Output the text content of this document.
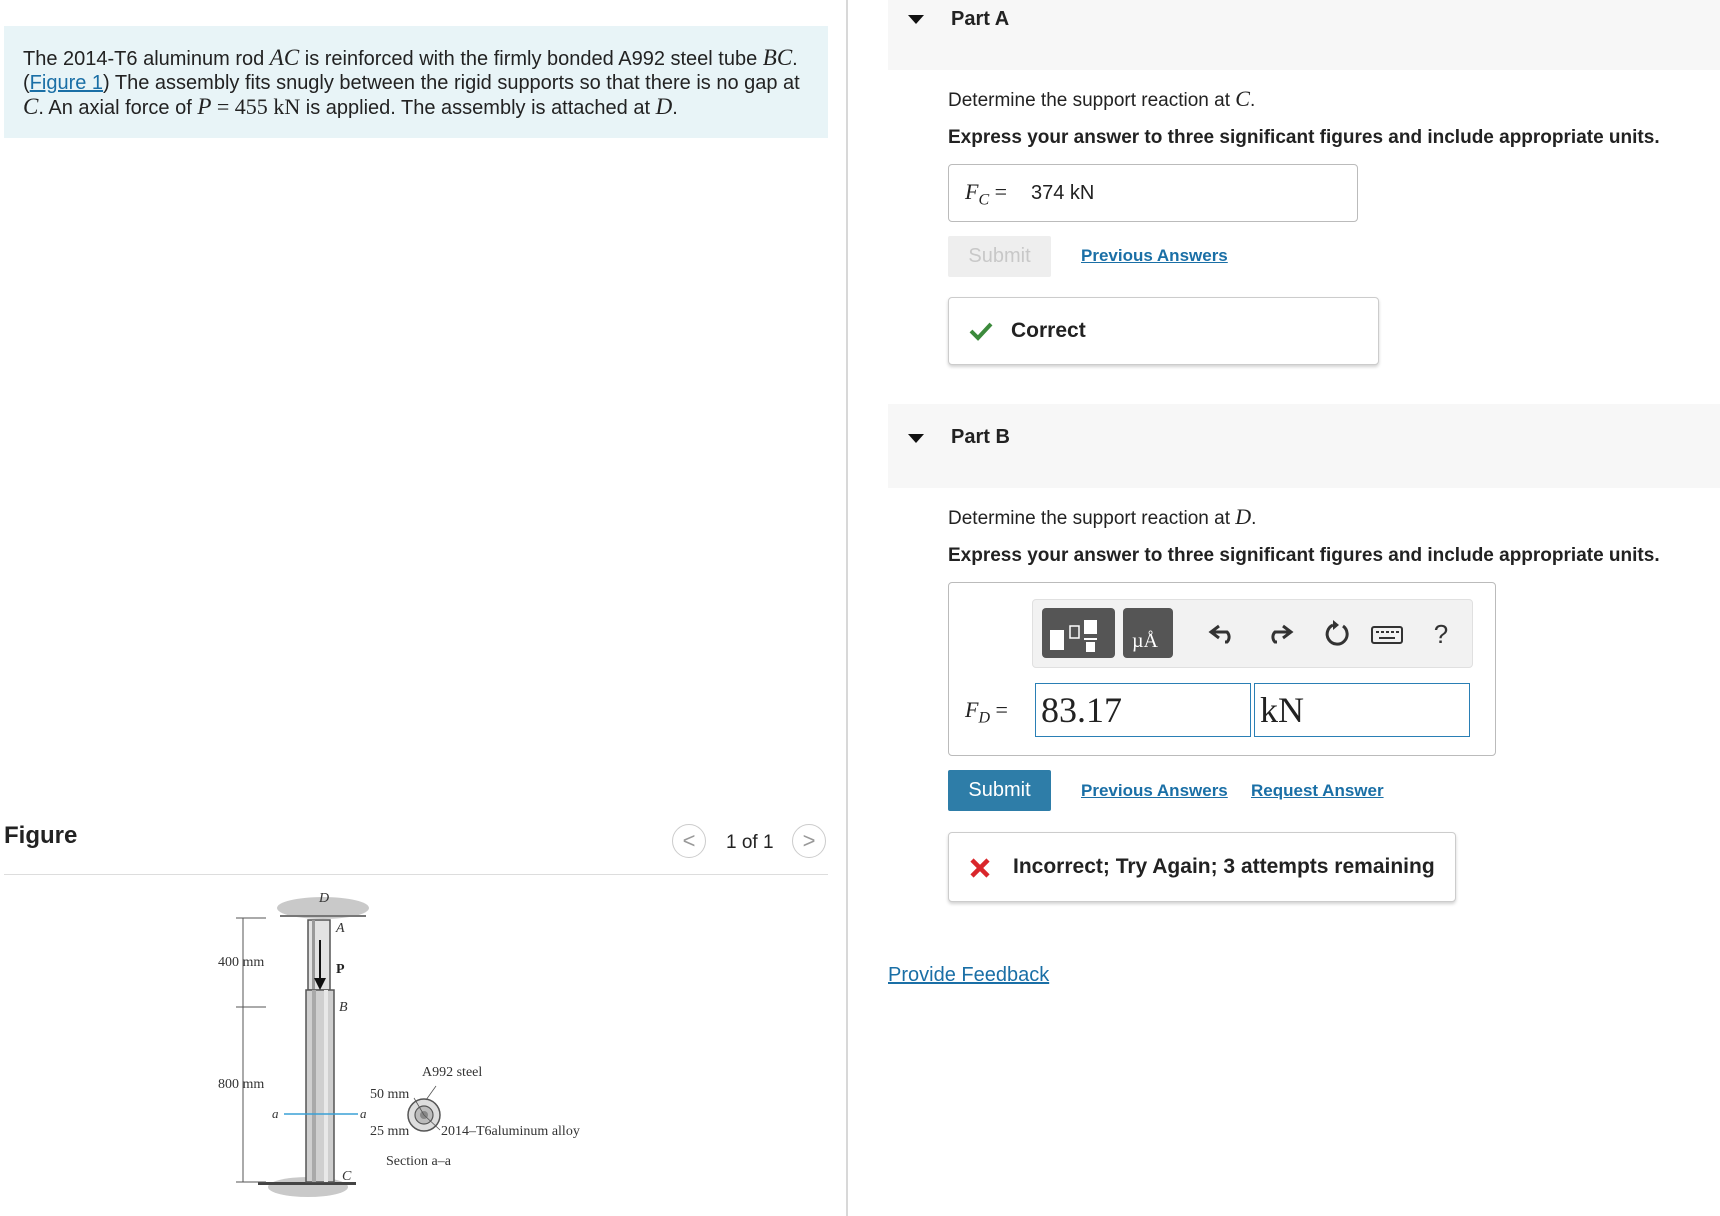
The 2014-T6 aluminum rod AC is reinforced with the firmly bonded A992 steel tube BC. (Figure 1) The assembly fits snugly between the rigid supports so that there is no gap at C. An axial force of P = 455 kN is applied. The assembly is attached at D.
Figure	<	1 of 1	>
D
A
P
B
C
400 mm
800 mm
a	a
A992 steel
50 mm
25 mm 2014–T6aluminum alloy
Section a–a
Part A
Determine the support reaction at C.
Express your answer to three significant figures and include appropriate units.
$F_C = 374$ kN
Submit	Previous Answers
Correct
Part B
Determine the support reaction at D.
Express your answer to three significant figures and include appropriate units.
µÅ	?
$F_D = 83.17$	kN
Submit	Previous Answers Request Answer
Incorrect; Try Again; 3 attempts remaining
Provide Feedback
